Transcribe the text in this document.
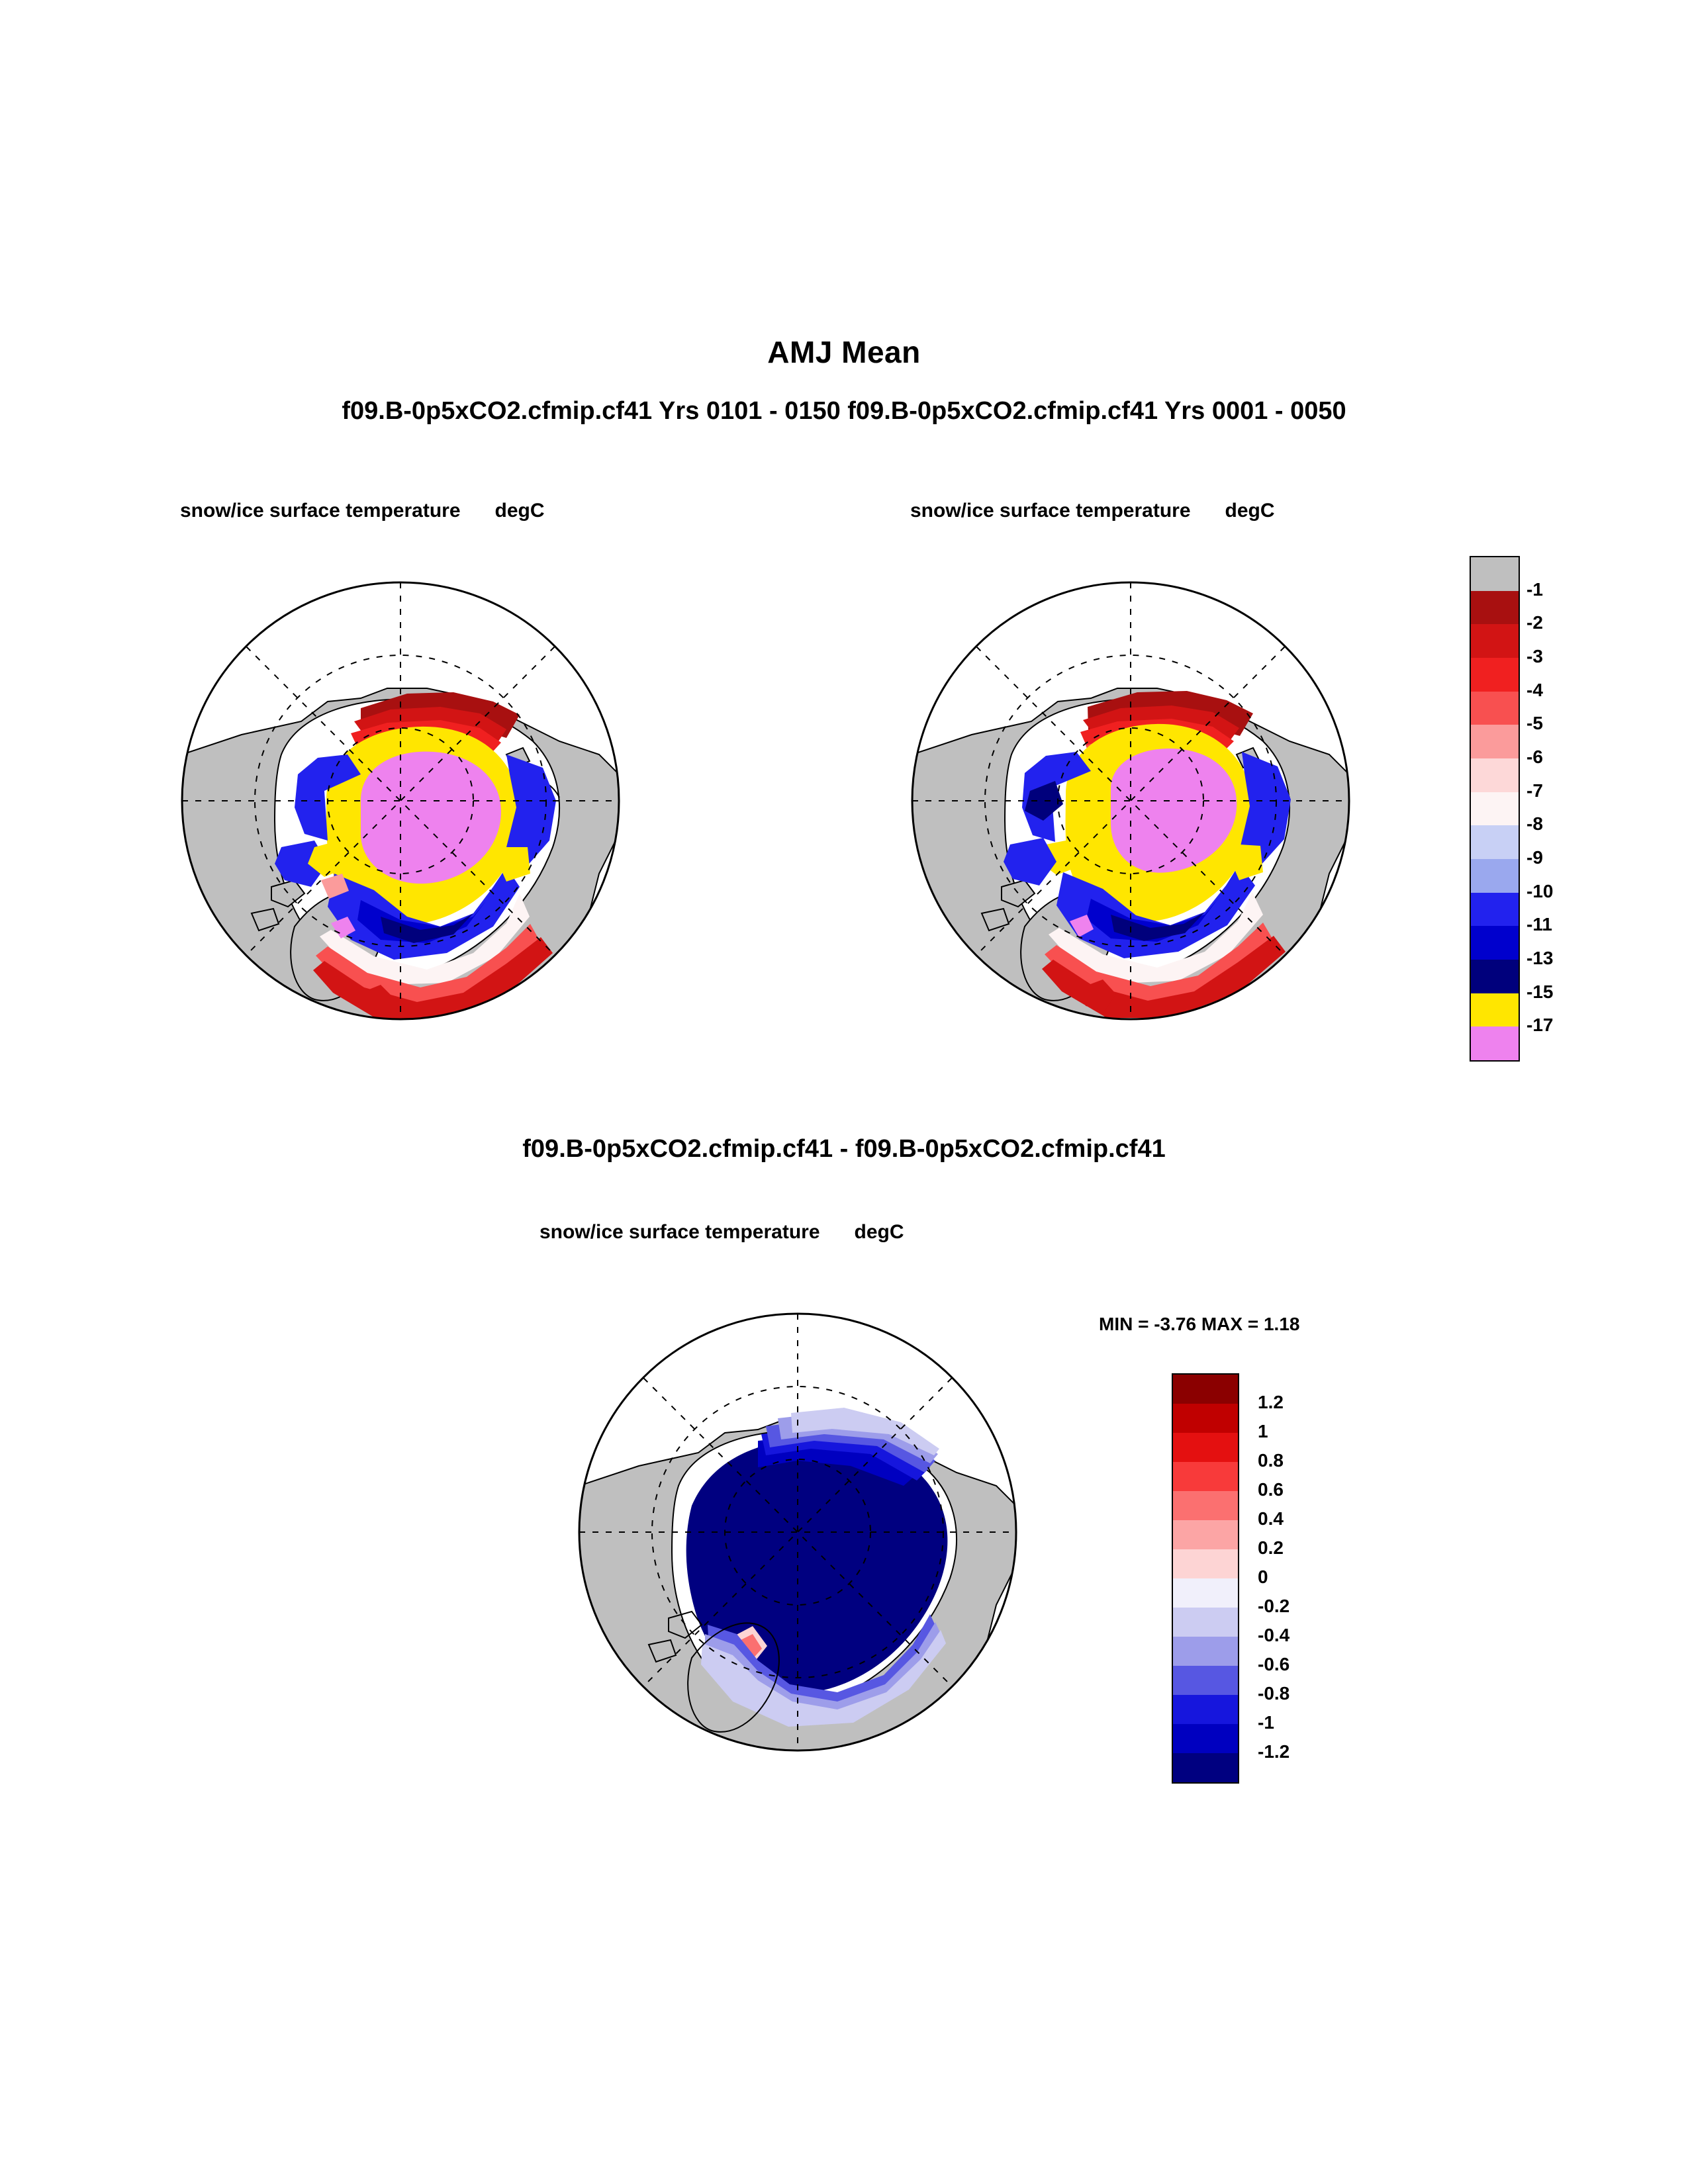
AMJ Mean
f09.B-0p5xCO2.cfmip.cf41 Yrs 0101 - 0150 f09.B-0p5xCO2.cfmip.cf41 Yrs 0001 - 0050
snow/ice surface temperature degC	snow/ice surface temperature degC
-1
-2
-3
-4
-5
-6
-7
-8
-9
-10
-11
-13
-15
-17
f09.B-0p5xCO2.cfmip.cf41 - f09.B-0p5xCO2.cfmip.cf41
snow/ice surface temperature degC
MIN = -3.76 MAX = 1.18
1.2
1
0.8
0.6
0.4
0.2
0
-0.2
-0.4
-0.6
-0.8
-1
-1.2
